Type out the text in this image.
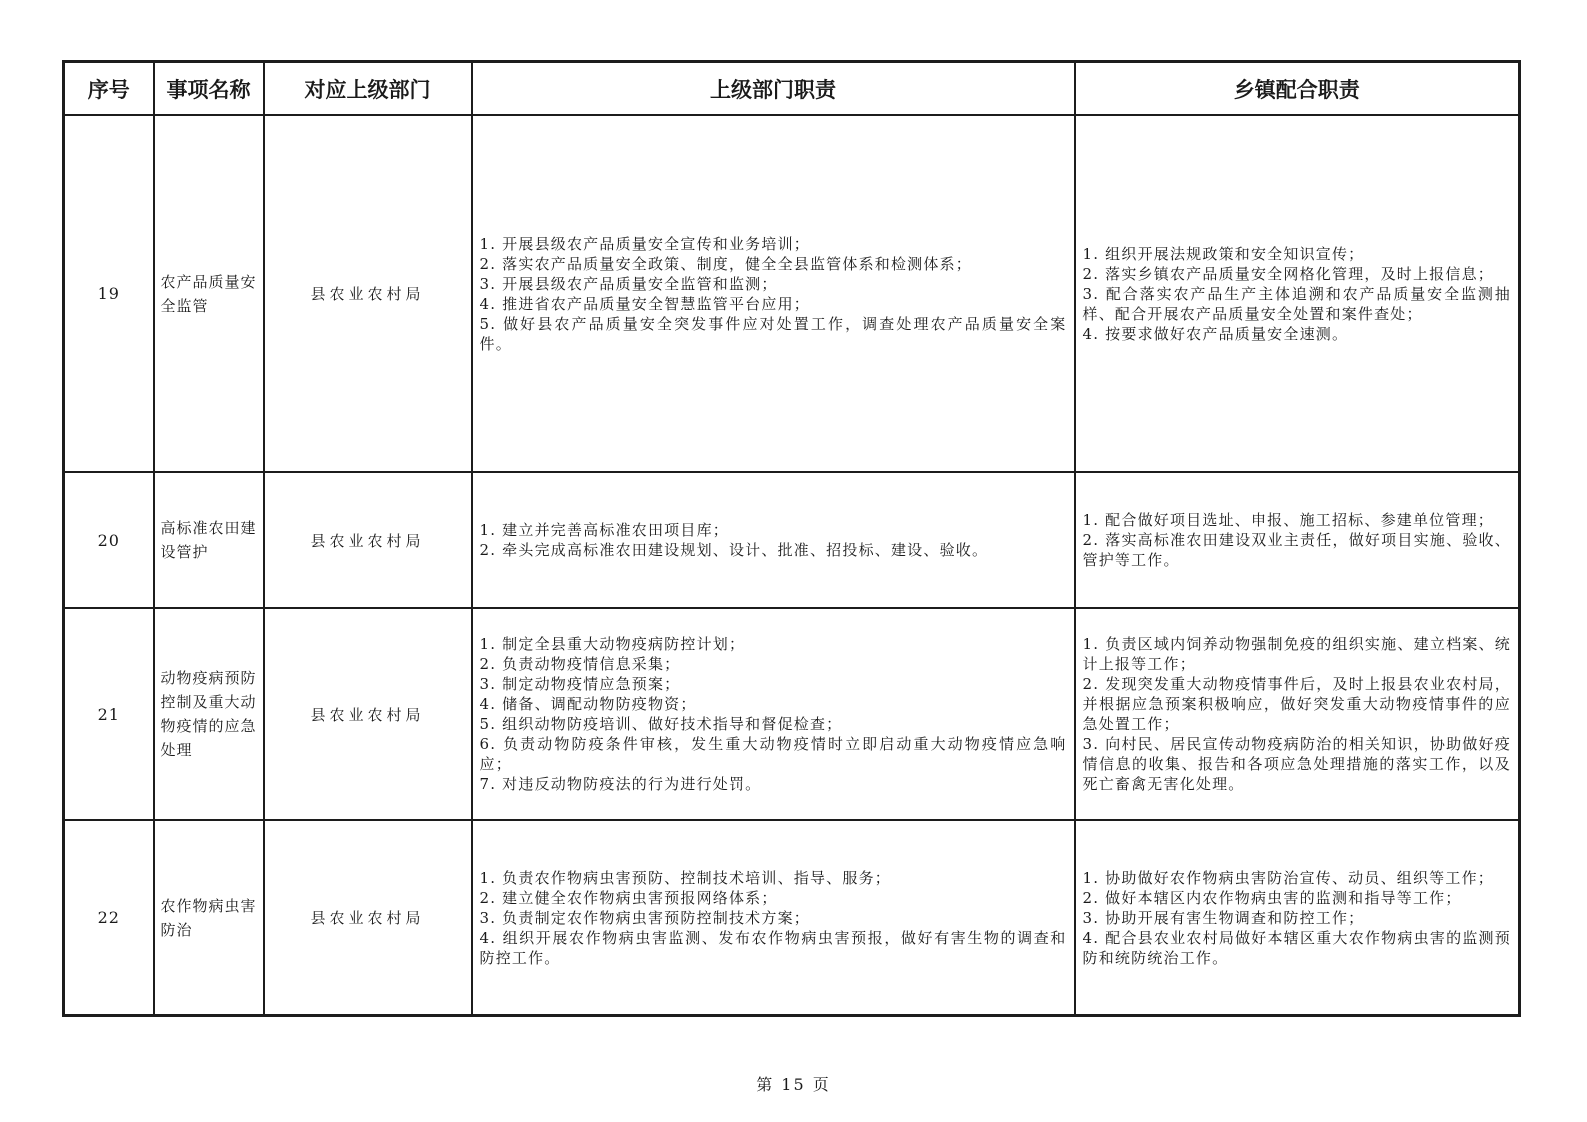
序号	事项名称	对应上级部门	上级部门职责	乡镇配合职责
19	农产品质量安全监管	县农业农村局	
1. 开展县级农产品质量安全宣传和业务培训；
2. 落实农产品质量安全政策、制度，健全全县监管体系和检测体系；
3. 开展县级农产品质量安全监管和监测；
4. 推进省农产品质量安全智慧监管平台应用；
5. 做好县农产品质量安全突发事件应对处置工作，调查处理农产品质量安全案件。

1. 组织开展法规政策和安全知识宣传；
2. 落实乡镇农产品质量安全网格化管理，及时上报信息；
3. 配合落实农产品生产主体追溯和农产品质量安全监测抽样、配合开展农产品质量安全处置和案件查处；
4. 按要求做好农产品质量安全速测。

20	高标准农田建设管护	县农业农村局	
1. 建立并完善高标准农田项目库；
2. 牵头完成高标准农田建设规划、设计、批准、招投标、建设、验收。

1. 配合做好项目选址、申报、施工招标、参建单位管理；
2. 落实高标准农田建设双业主责任，做好项目实施、验收、管护等工作。

21	动物疫病预防控制及重大动物疫情的应急处理	县农业农村局	
1. 制定全县重大动物疫病防控计划；
2. 负责动物疫情信息采集；
3. 制定动物疫情应急预案；
4. 储备、调配动物防疫物资；
5. 组织动物防疫培训、做好技术指导和督促检查；
6. 负责动物防疫条件审核，发生重大动物疫情时立即启动重大动物疫情应急响应；
7. 对违反动物防疫法的行为进行处罚。

1. 负责区域内饲养动物强制免疫的组织实施、建立档案、统计上报等工作；
2. 发现突发重大动物疫情事件后，及时上报县农业农村局，并根据应急预案积极响应，做好突发重大动物疫情事件的应急处置工作；
3. 向村民、居民宣传动物疫病防治的相关知识，协助做好疫情信息的收集、报告和各项应急处理措施的落实工作，以及死亡畜禽无害化处理。

22	农作物病虫害防治	县农业农村局	
1. 负责农作物病虫害预防、控制技术培训、指导、服务；
2. 建立健全农作物病虫害预报网络体系；
3. 负责制定农作物病虫害预防控制技术方案；
4. 组织开展农作物病虫害监测、发布农作物病虫害预报，做好有害生物的调查和防控工作。

1. 协助做好农作物病虫害防治宣传、动员、组织等工作；
2. 做好本辖区内农作物病虫害的监测和指导等工作；
3. 协助开展有害生物调查和防控工作；
4. 配合县农业农村局做好本辖区重大农作物病虫害的监测预防和统防统治工作。
第 15 页
